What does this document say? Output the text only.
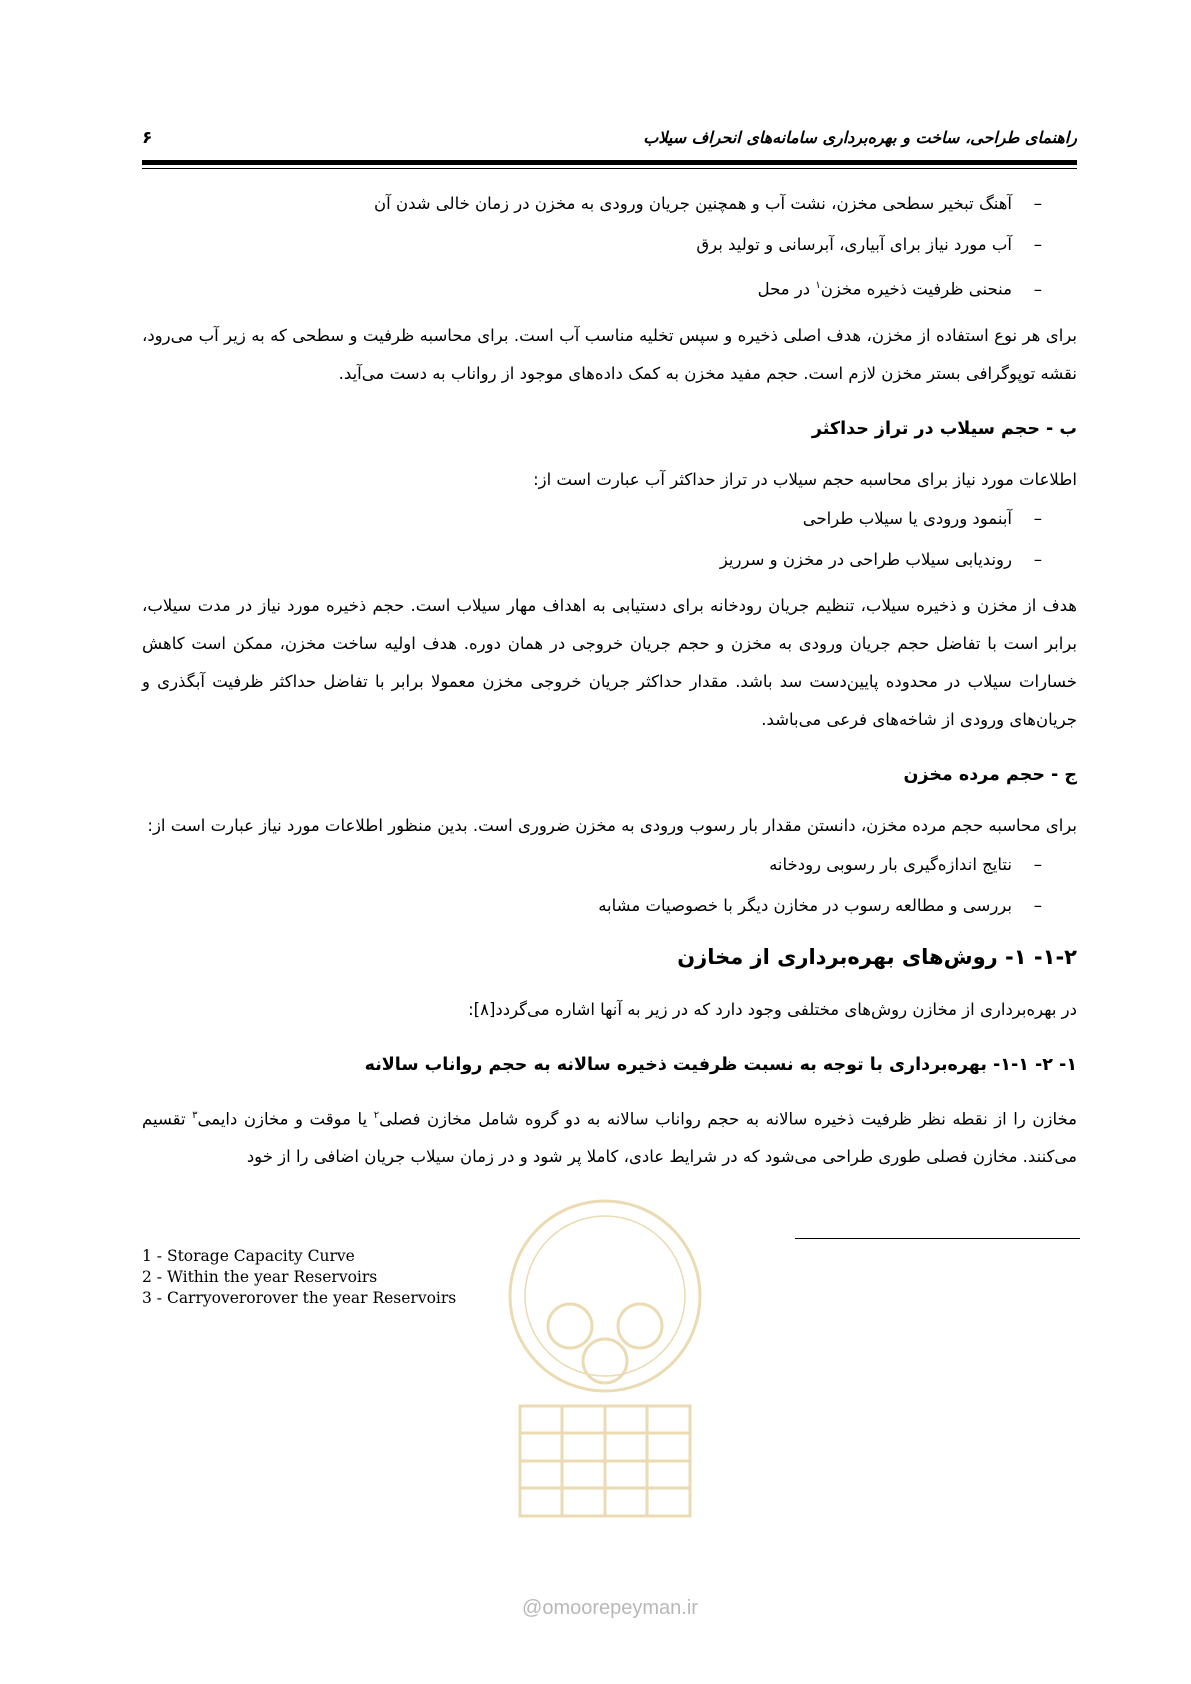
راهنمای طراحی، ساخت و بهره‌برداری سامانه‌های انحراف سیلاب
۶
–آهنگ تبخیر سطحی مخزن، نشت آب و همچنین جریان ورودی به مخزن در زمان خالی شدن آن
–آب مورد نیاز برای آبیاری، آبرسانی و تولید برق
–منحنی ظرفیت ذخیره مخزن$^۱$ در محل

برای هر نوع استفاده از مخزن، هدف اصلی ذخیره و سپس تخلیه مناسب آب است. برای محاسبه ظرفیت و سطحی که به زیر آب می‌رود، نقشه توپوگرافی بستر مخزن لازم است. حجم مفید مخزن به کمک داده‌های موجود از رواناب به دست می‌آید.

ب - حجم سیلاب در تراز حداکثر

اطلاعات مورد نیاز برای محاسبه حجم سیلاب در تراز حداکثر آب عبارت است از:

–آبنمود ورودی یا سیلاب طراحی
–روندیابی سیلاب طراحی در مخزن و سرریز

هدف از مخزن و ذخیره سیلاب، تنظیم جریان رودخانه برای دستیابی به اهداف مهار سیلاب است. حجم ذخیره مورد نیاز در مدت سیلاب، برابر است با تفاضل حجم جریان ورودی به مخزن و حجم جریان خروجی در همان دوره. هدف اولیه ساخت مخزن، ممکن است کاهش خسارات سیلاب در محدوده پایین‌دست سد باشد. مقدار حداکثر جریان خروجی مخزن معمولا برابر با تفاضل حداکثر ظرفیت آبگذری و جریان‌های ورودی از شاخه‌های فرعی می‌باشد.

ج - حجم مرده مخزن

برای محاسبه حجم مرده مخزن، دانستن مقدار بار رسوب ورودی به مخزن ضروری است. بدین منظور اطلاعات مورد نیاز عبارت است از:

–نتایج اندازه‌گیری بار رسوبی رودخانه
–بررسی و مطالعه رسوب در مخازن دیگر با خصوصیات مشابه
۱-۲- ۱- روش‌های بهره‌برداری از مخازن

در بهره‌برداری از مخازن روش‌های مختلفی وجود دارد که در زیر به آنها اشاره می‌گردد[۸]:

۱- ۲- ۱-۱- بهره‌برداری با توجه به نسبت ظرفیت ذخیره سالانه به حجم رواناب سالانه

مخازن را از نقطه نظر ظرفیت ذخیره سالانه به حجم رواناب سالانه به دو گروه شامل مخازن فصلی$^۲$ یا موقت و مخازن دایمی$^۳$ تقسیم می‌کنند. مخازن فصلی طوری طراحی می‌شود که در شرایط عادی، کاملا پر شود و در زمان سیلاب جریان اضافی را از خود

1 - Storage Capacity Curve
2 - Within the year Reservoirs
3 - Carryoverorover the year Reservoirs
@omoorepeyman.ir
